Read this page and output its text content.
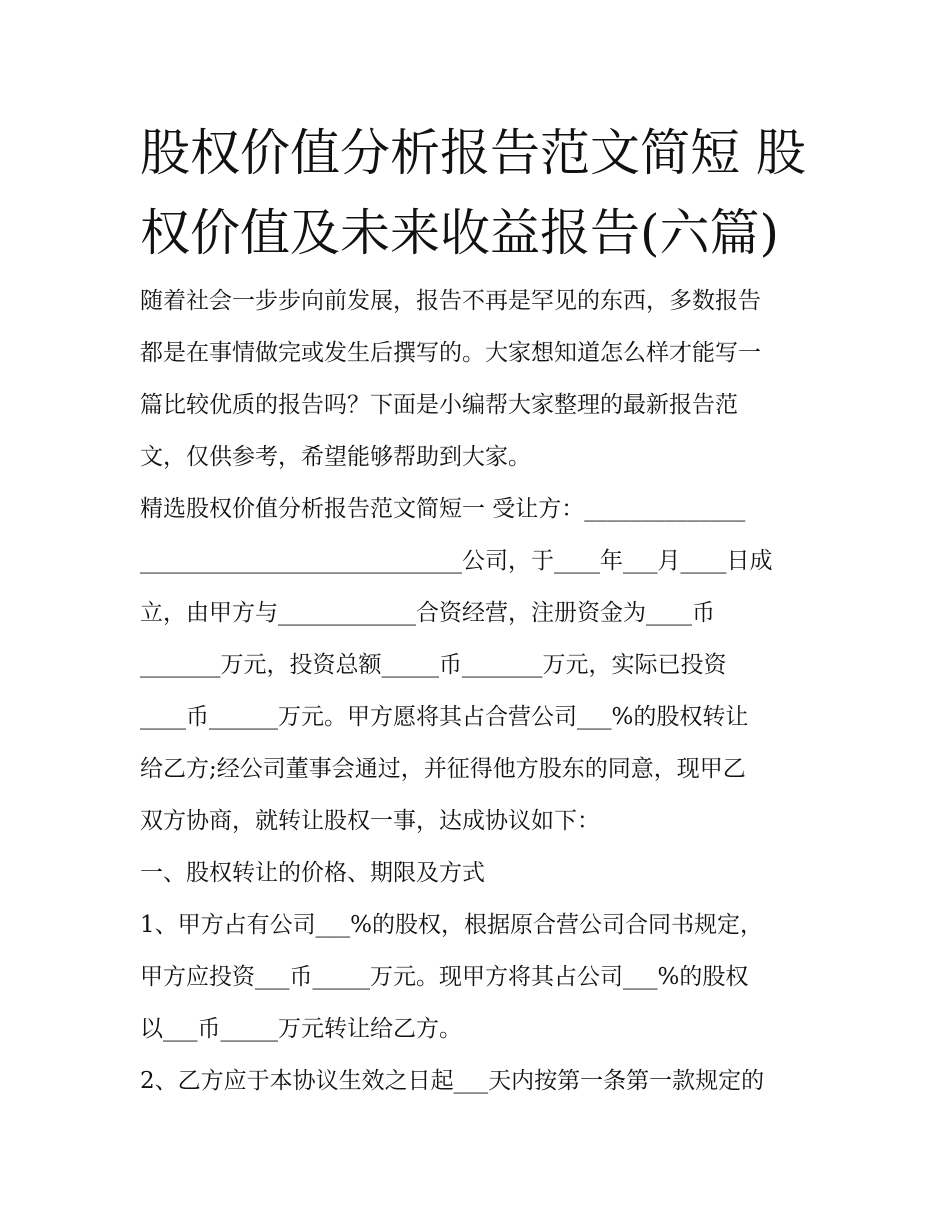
股权价值分析报告范文简短 股
权价值及未来收益报告(六篇)
随着社会一步步向前发展，报告不再是罕见的东西，多数报告
都是在事情做完或发生后撰写的。大家想知道怎么样才能写一
篇比较优质的报告吗？下面是小编帮大家整理的最新报告范
文，仅供参考，希望能够帮助到大家。
精选股权价值分析报告范文简短一 受让方：______________
____________________________公司，于____年___月____日成
立，由甲方与____________合资经营，注册资金为____币
_______万元，投资总额_____币_______万元，实际已投资
____币______万元。甲方愿将其占合营公司___%的股权转让
给乙方;经公司董事会通过，并征得他方股东的同意，现甲乙
双方协商，就转让股权一事，达成协议如下：
一、股权转让的价格、期限及方式
1、甲方占有公司___%的股权，根据原合营公司合同书规定，
甲方应投资___币_____万元。现甲方将其占公司___%的股权
以___币_____万元转让给乙方。
2、乙方应于本协议生效之日起___天内按第一条第一款规定的
